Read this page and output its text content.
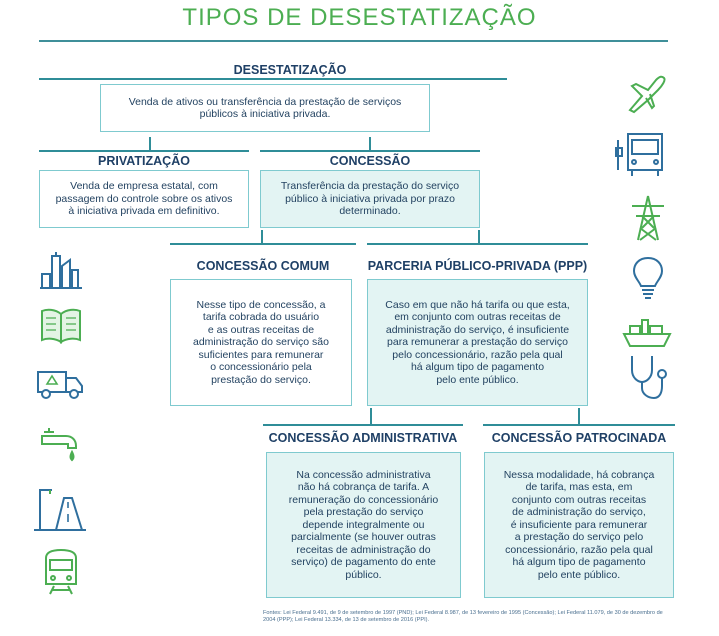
TIPOS DE DESESTATIZAÇÃO
DESESTATIZAÇÃO
Venda de ativos ou transferência da prestação de serviços
públicos à iniciativa privada.
PRIVATIZAÇÃO
Venda de empresa estatal, com
passagem do controle sobre os ativos
à iniciativa privada em definitivo.
CONCESSÃO
Transferência da prestação do serviço
público à iniciativa privada por prazo
determinado.
CONCESSÃO COMUM
Nesse tipo de concessão, a
tarifa cobrada do usuário
e as outras receitas de
administração do serviço são
suficientes para remunerar
o concessionário pela
prestação do serviço.
PARCERIA PÚBLICO-PRIVADA (PPP)
Caso em que não há tarifa ou que esta,
em conjunto com outras receitas de
administração do serviço, é insuficiente
para remunerar a prestação do serviço
pelo concessionário, razão pela qual
há algum tipo de pagamento
pelo ente público.
CONCESSÃO ADMINISTRATIVA
Na concessão administrativa
não há cobrança de tarifa. A
remuneração do concessionário
pela prestação do serviço
depende integralmente ou
parcialmente (se houver outras
receitas de administração do
serviço) de pagamento do ente
público.
CONCESSÃO PATROCINADA
Nessa modalidade, há cobrança
de tarifa, mas esta, em
conjunto com outras receitas
de administração do serviço,
é insuficiente para remunerar
a prestação do serviço pelo
concessionário, razão pela qual
há algum tipo de pagamento
pelo ente público.
Fontes: Lei Federal 9.491, de 9 de setembro de 1997 (PND); Lei Federal 8.987, de 13 fevereiro de 1995 (Concessão); Lei Federal 11.079, de 30 de dezembro de 2004 (PPP); Lei Federal 13.334, de 13 de setembro de 2016 (PPI).
